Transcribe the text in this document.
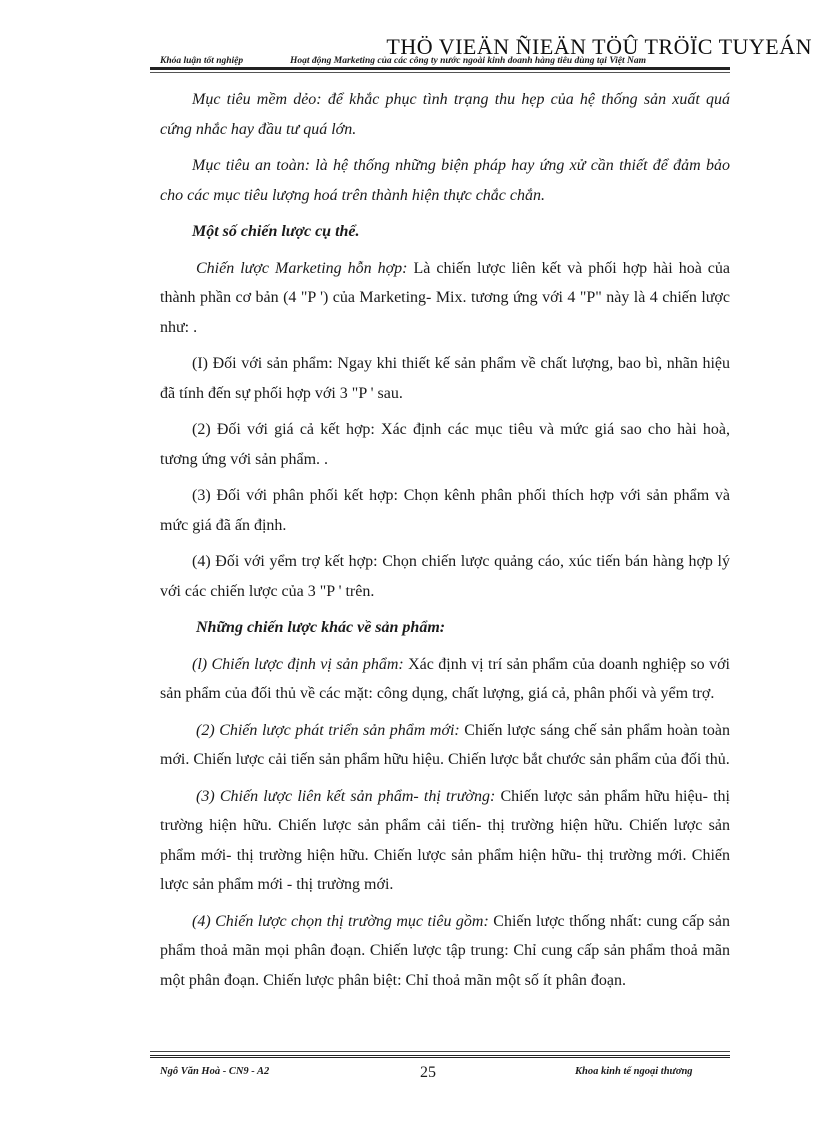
THÖ VIEÄN ÑIEÄN TÖÛ TRÖÏC TUYEÁN
Khóa luận tốt nghiệp	Hoạt động Marketing của các công ty nước ngoài kinh doanh hàng tiêu dùng tại Việt Nam

Mục tiêu mềm dẻo: để khắc phục tình trạng thu hẹp của hệ thống sản xuất quá cứng nhắc hay đầu tư quá lớn.

Mục tiêu an toàn: là hệ thống những biện pháp hay ứng xử cần thiết để đảm bảo cho các mục tiêu lượng hoá trên thành hiện thực chắc chắn.

Một số chiến lược cụ thể.

Chiến lược Marketing hỗn hợp: Là chiến lược liên kết và phối hợp hài hoà của thành phần cơ bản (4 "P ') của Marketing- Mix. tương ứng với 4 "P" này là 4 chiến lược như: .

(I) Đối với sản phẩm: Ngay khi thiết kế sản phẩm về chất lượng, bao bì, nhãn hiệu đã tính đến sự phối hợp với 3 "P ' sau.

(2) Đối với giá cả kết hợp: Xác định các mục tiêu và mức giá sao cho hài hoà, tương ứng với sản phẩm. .

(3) Đối với phân phối kết hợp: Chọn kênh phân phối thích hợp với sản phẩm và mức giá đã ấn định.

(4) Đối với yểm trợ kết hợp: Chọn chiến lược quảng cáo, xúc tiến bán hàng hợp lý với các chiến lược của 3 "P ' trên.

Những chiến lược khác về sản phẩm:

(l) Chiến lược định vị sản phẩm: Xác định vị trí sản phẩm của doanh nghiệp so với sản phẩm của đối thủ về các mặt: công dụng, chất lượng, giá cả, phân phối và yểm trợ.

(2) Chiến lược phát triển sản phẩm mới: Chiến lược sáng chế sản phẩm hoàn toàn mới. Chiến lược cải tiến sản phẩm hữu hiệu. Chiến lược bắt chước sản phẩm của đối thủ.

(3) Chiến lược liên kết sản phẩm- thị trường: Chiến lược sản phẩm hữu hiệu- thị trường hiện hữu. Chiến lược sản phẩm cải tiến- thị trường hiện hữu. Chiến lược sản phẩm mới- thị trường hiện hữu. Chiến lược sản phẩm hiện hữu- thị trường mới. Chiến lược sản phẩm mới - thị trường mới.

(4) Chiến lược chọn thị trường mục tiêu gồm: Chiến lược thống nhất: cung cấp sản phẩm thoả mãn mọi phân đoạn. Chiến lược tập trung: Chỉ cung cấp sản phẩm thoả mãn một phân đoạn. Chiến lược phân biệt: Chỉ thoả mãn một số ít phân đoạn.

Ngô Văn Hoà - CN9 - A2	25	Khoa kinh tế ngoại thương
